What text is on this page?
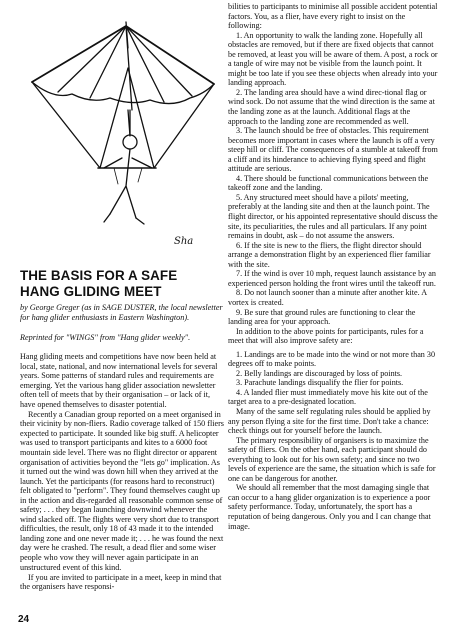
Sha
THE BASIS FOR A SAFE
HANG GLIDING MEET
by George Greger (as in SAGE DUSTER, the local newsletter for hang glider enthusiasts in Eastern Washington).
Reprinted for "WINGS" from "Hang glider weekly".

Hang gliding meets and competitions have now been held at local, state, national, and now international levels for several years. Some patterns of standard rules and requirements are emerging. Yet the various hang glider association newsletter often tell of meets that by their organisation – or lack of it, have opened themselves to disaster potential.

Recently a Canadian group reported on a meet organised in their vicinity by non-fliers. Radio coverage talked of 150 fliers expected to participate. It sounded like big stuff. A helicopter was used to transport participants and kites to a 6000 foot mountain side level. There was no flight director or apparent organisation of activities beyond the "lets go" implication. As it turned out the wind was down hill when they arrived at the launch. Yet the participants (for reasons hard to reconstruct) felt obligated to "perform". They found themselves caught up in the action and dis-regarded all reasonable common sense of safety; . . . they began launching downwind whenever the wind slacked off. The flights were very short due to transport difficulties, the result, only 18 of 43 made it to the intended landing zone and one never made it; . . . he was found the next day were he crashed. The result, a dead flier and some wiser people who vow they will never again participate in an unstructured event of this kind.

If you are invited to participate in a meet, keep in mind that the organisers have responsi-

24

bilities to participants to minimise all possible accident potential factors. You, as a flier, have every right to insist on the following:

1. An opportunity to walk the landing zone. Hopefully all obstacles are removed, but if there are fixed objects that cannot be removed, at least you will be aware of them. A post, a rock or a tangle of wire may not be visible from the launch point. It might be too late if you see these objects when already into your landing approach.

2. The landing area should have a wind direc-tional flag or wind sock. Do not assume that the wind direction is the same at the landing zone as at the launch. Additional flags at the approach to the landing zone are recommended as well.

3. The launch should be free of obstacles. This requirement becomes more important in cases where the launch is off a very steep hill or cliff. The consequences of a stumble at takeoff from a cliff and its hinderance to achieving flying speed and flight attitude are serious.

4. There should be functional communications between the takeoff zone and the landing.

5. Any structured meet should have a pilots' meeting, preferably at the landing site and then at the launch point. The flight director, or his appointed representative should discuss the site, its peculiarities, the rules and all particulars. If any point remains in doubt, ask – do not assume the answers.

6. If the site is new to the fliers, the flight director should arrange a demonstration flight by an experienced flier familiar with the site.

7. If the wind is over 10 mph, request launch assistance by an experienced person holding the front wires until the takeoff run.

8. Do not launch sooner than a minute after another kite. A vortex is created.

9. Be sure that ground rules are functioning to clear the landing area for your approach.

In addition to the above points for participants, rules for a meet that will also improve safety are:

1. Landings are to be made into the wind or not more than 30 degrees off to make points.

2. Belly landings are discouraged by loss of points.

3. Parachute landings disqualify the flier for points.

4. A landed flier must immediately move his kite out of the target area to a pre-designated location.

Many of the same self regulating rules should be applied by any person flying a site for the first time. Don't take a chance: check things out for yourself before the launch.

The primary responsibility of organisers is to maximize the safety of fliers. On the other hand, each participant should do everything to look out for his own safety; and since no two levels of experience are the same, the situation which is safe for one can be dangerous for another.

We should all remember that the most damaging single that can occur to a hang glider organization is to experience a poor safety performance. Today, unfortunately, the sport has a reputation of being dangerous. Only you and I can change that image.
